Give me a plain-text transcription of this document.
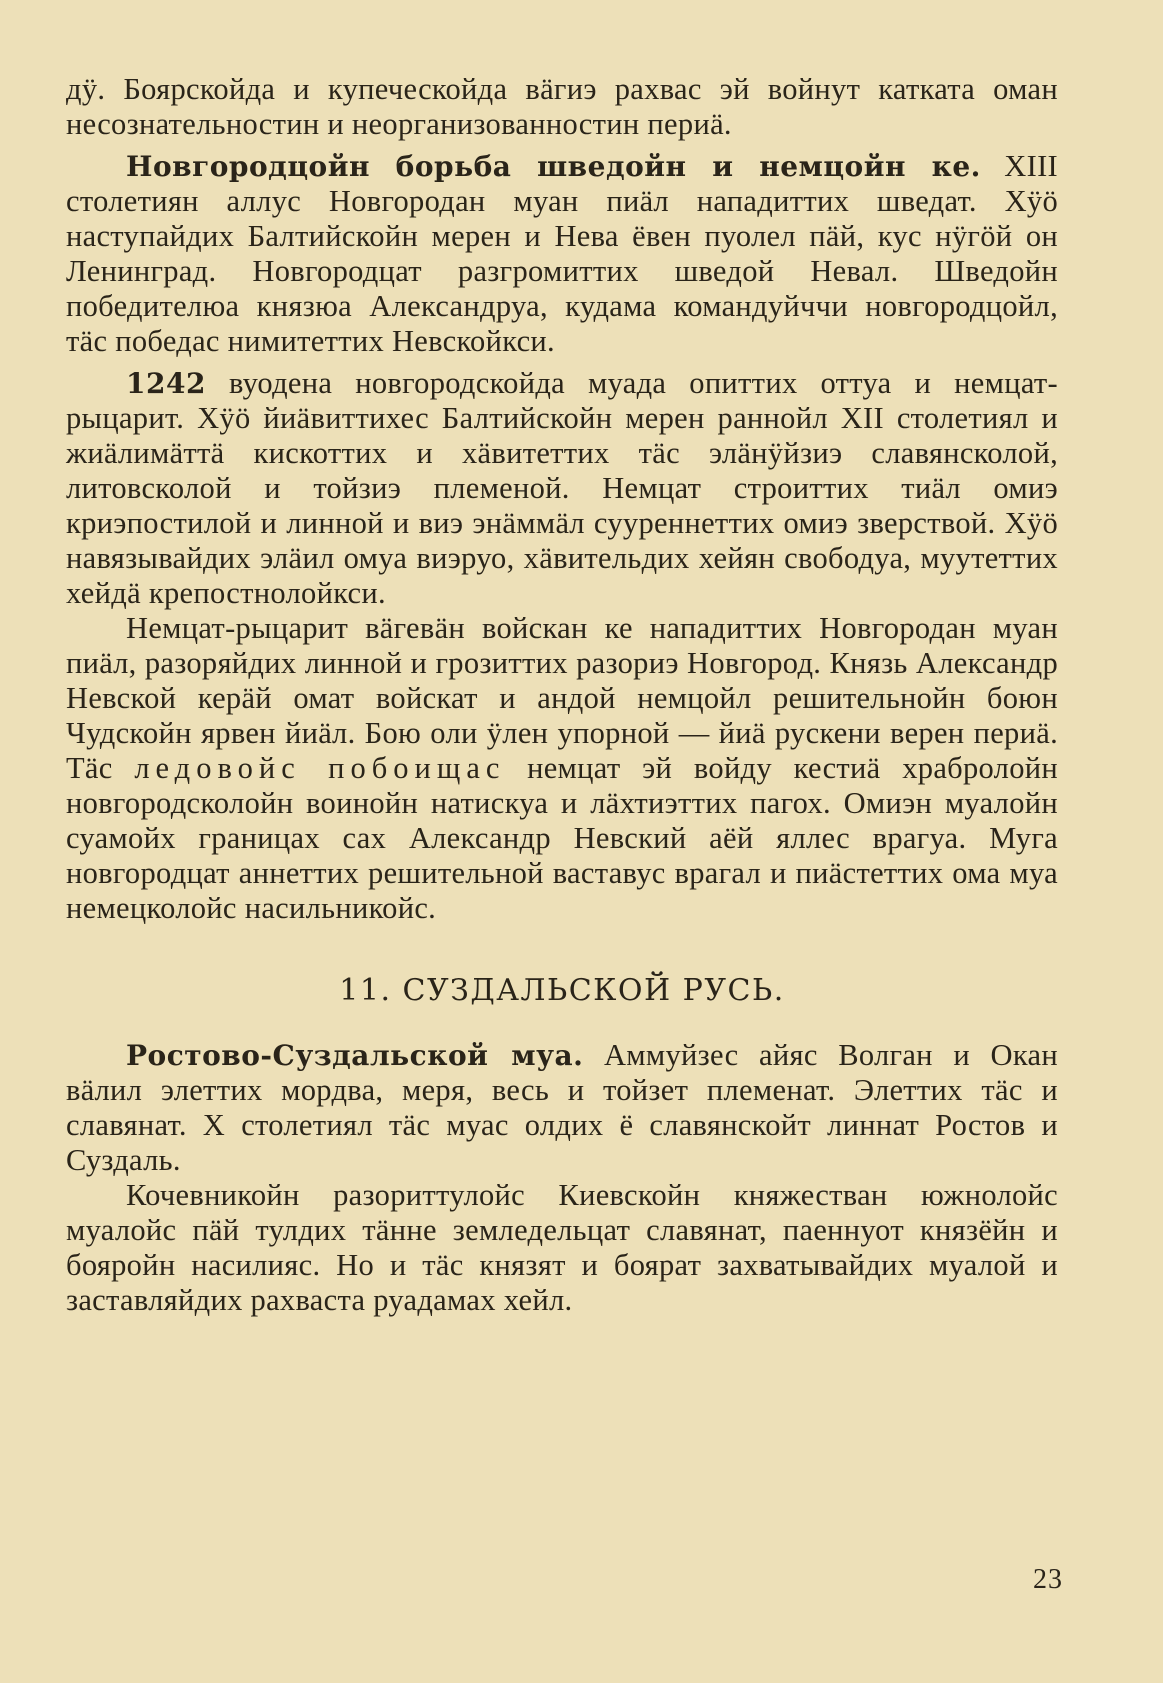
дӱ. Боярскойда и купеческойда вӓгиэ рахвас эй войнут катката оман несознательностин и неорганизованностин периӓ.

Новгородцойн борьба шведойн и немцойн ке. XIII столетиян аллус Новгородан муан пиӓл нападиттих шведат. Хӱӧ наступайдих Балтийскойн мерен и Нева ёвен пуолел пӓй, кус нӱгӧй он Ленинград. Новгородцат разгромиттих шведой Невал. Шведойн победителюа князюа Александруа, кудама командуйччи новгородцойл, тӓс победас нимитеттих Невскойкси.

1242 вуодена новгородскойда муада опиттих оттуа и немцат-рыцарит. Хӱӧ йиӓвиттихес Балтийскойн мерен раннойл XII столетиял и жиӓлимӓттӓ кискоттих и хӓвитеттих тӓс элӓнӱйзиэ славянсколой, литовсколой и тойзиэ племеной. Немцат строиттих тиӓл омиэ криэпостилой и линной и виэ энӓммӓл сууреннеттих омиэ зверствой. Хӱӧ навязывайдих элӓил омуа виэруо, хӓвительдих хейян свободуа, муутеттих хейдӓ крепостнолойкси.

Немцат-рыцарит вӓгевӓн войскан ке нападиттих Новгородан муан пиӓл, разоряйдих линной и грозиттих разориэ Новгород. Князь Александр Невской керӓй омат войскат и андой немцойл решительнойн боюн Чудскойн ярвен йиӓл. Бою оли ӱлен упорной — йиӓ рускени верен периӓ. Тӓс ледовойс побоищас немцат эй войду кестиӓ храбролойн новгородсколойн воинойн натискуа и лӓхтиэттих пагох. Омиэн муалойн суамойх границах сах Александр Невский аёй яллес врагуа. Муга новгородцат аннеттих решительной ваставус врагал и пиӓстеттих ома муа немецколойс насильникойс.

11. СУЗДАЛЬСКОЙ РУСЬ.

Ростово-Суздальской муа. Аммуйзес айяс Волган и Окан вӓлил элеттих мордва, меря, весь и тойзет племенат. Элеттих тӓс и славянат. Х столетиял тӓс муас олдих ё славянскойт линнат Ростов и Суздаль.

Кочевникойн разориттулойс Киевскойн княжестван южнолойс муалойс пӓй тулдих тӓнне земледельцат славянат, паеннуот князёйн и бояройн насилияс. Но и тӓс князят и боярат захватывайдих муалой и заставляйдих рахваста руадамах хейл.

23
